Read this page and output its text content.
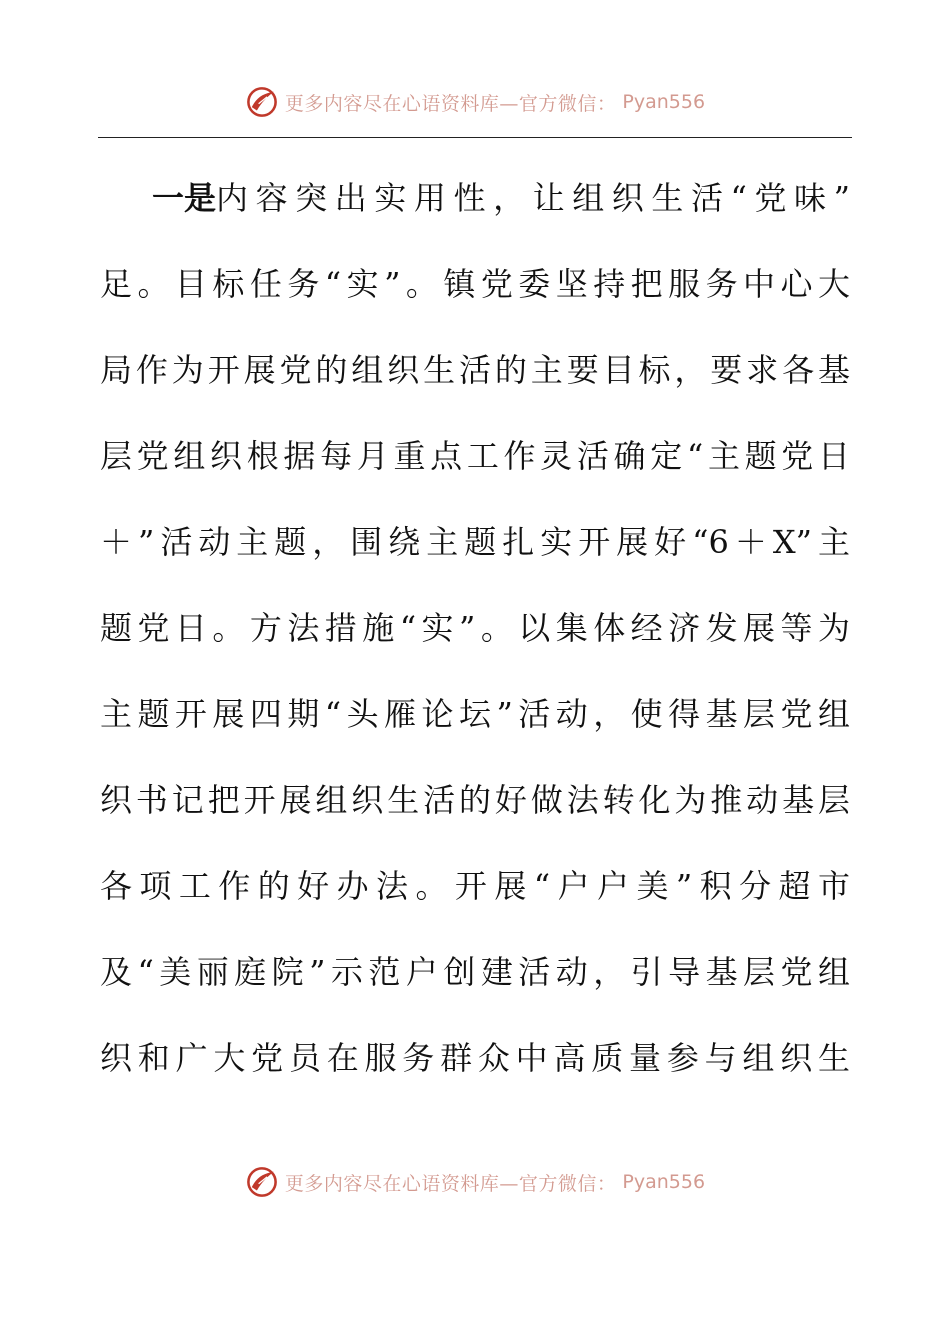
更多内容尽在心语资料库—官方微信： Pyan556
一是 内容突出实用性，让组织生活“党味”
足。目标任务“实”。镇党委坚持把服务中心大
局作为开展党的组织生活的主要目标，要求各基
层党组织根据每月重点工作灵活确定“主题党日
＋”活动主题，围绕主题扎实开展好“6＋X”主
题党日。方法措施“实”。以集体经济发展等为
主题开展四期“头雁论坛”活动，使得基层党组
织书记把开展组织生活的好做法转化为推动基层
各项工作的好办法。开展“户户美”积分超市
及“美丽庭院”示范户创建活动，引导基层党组
织和广大党员在服务群众中高质量参与组织生
更多内容尽在心语资料库—官方微信： Pyan556
